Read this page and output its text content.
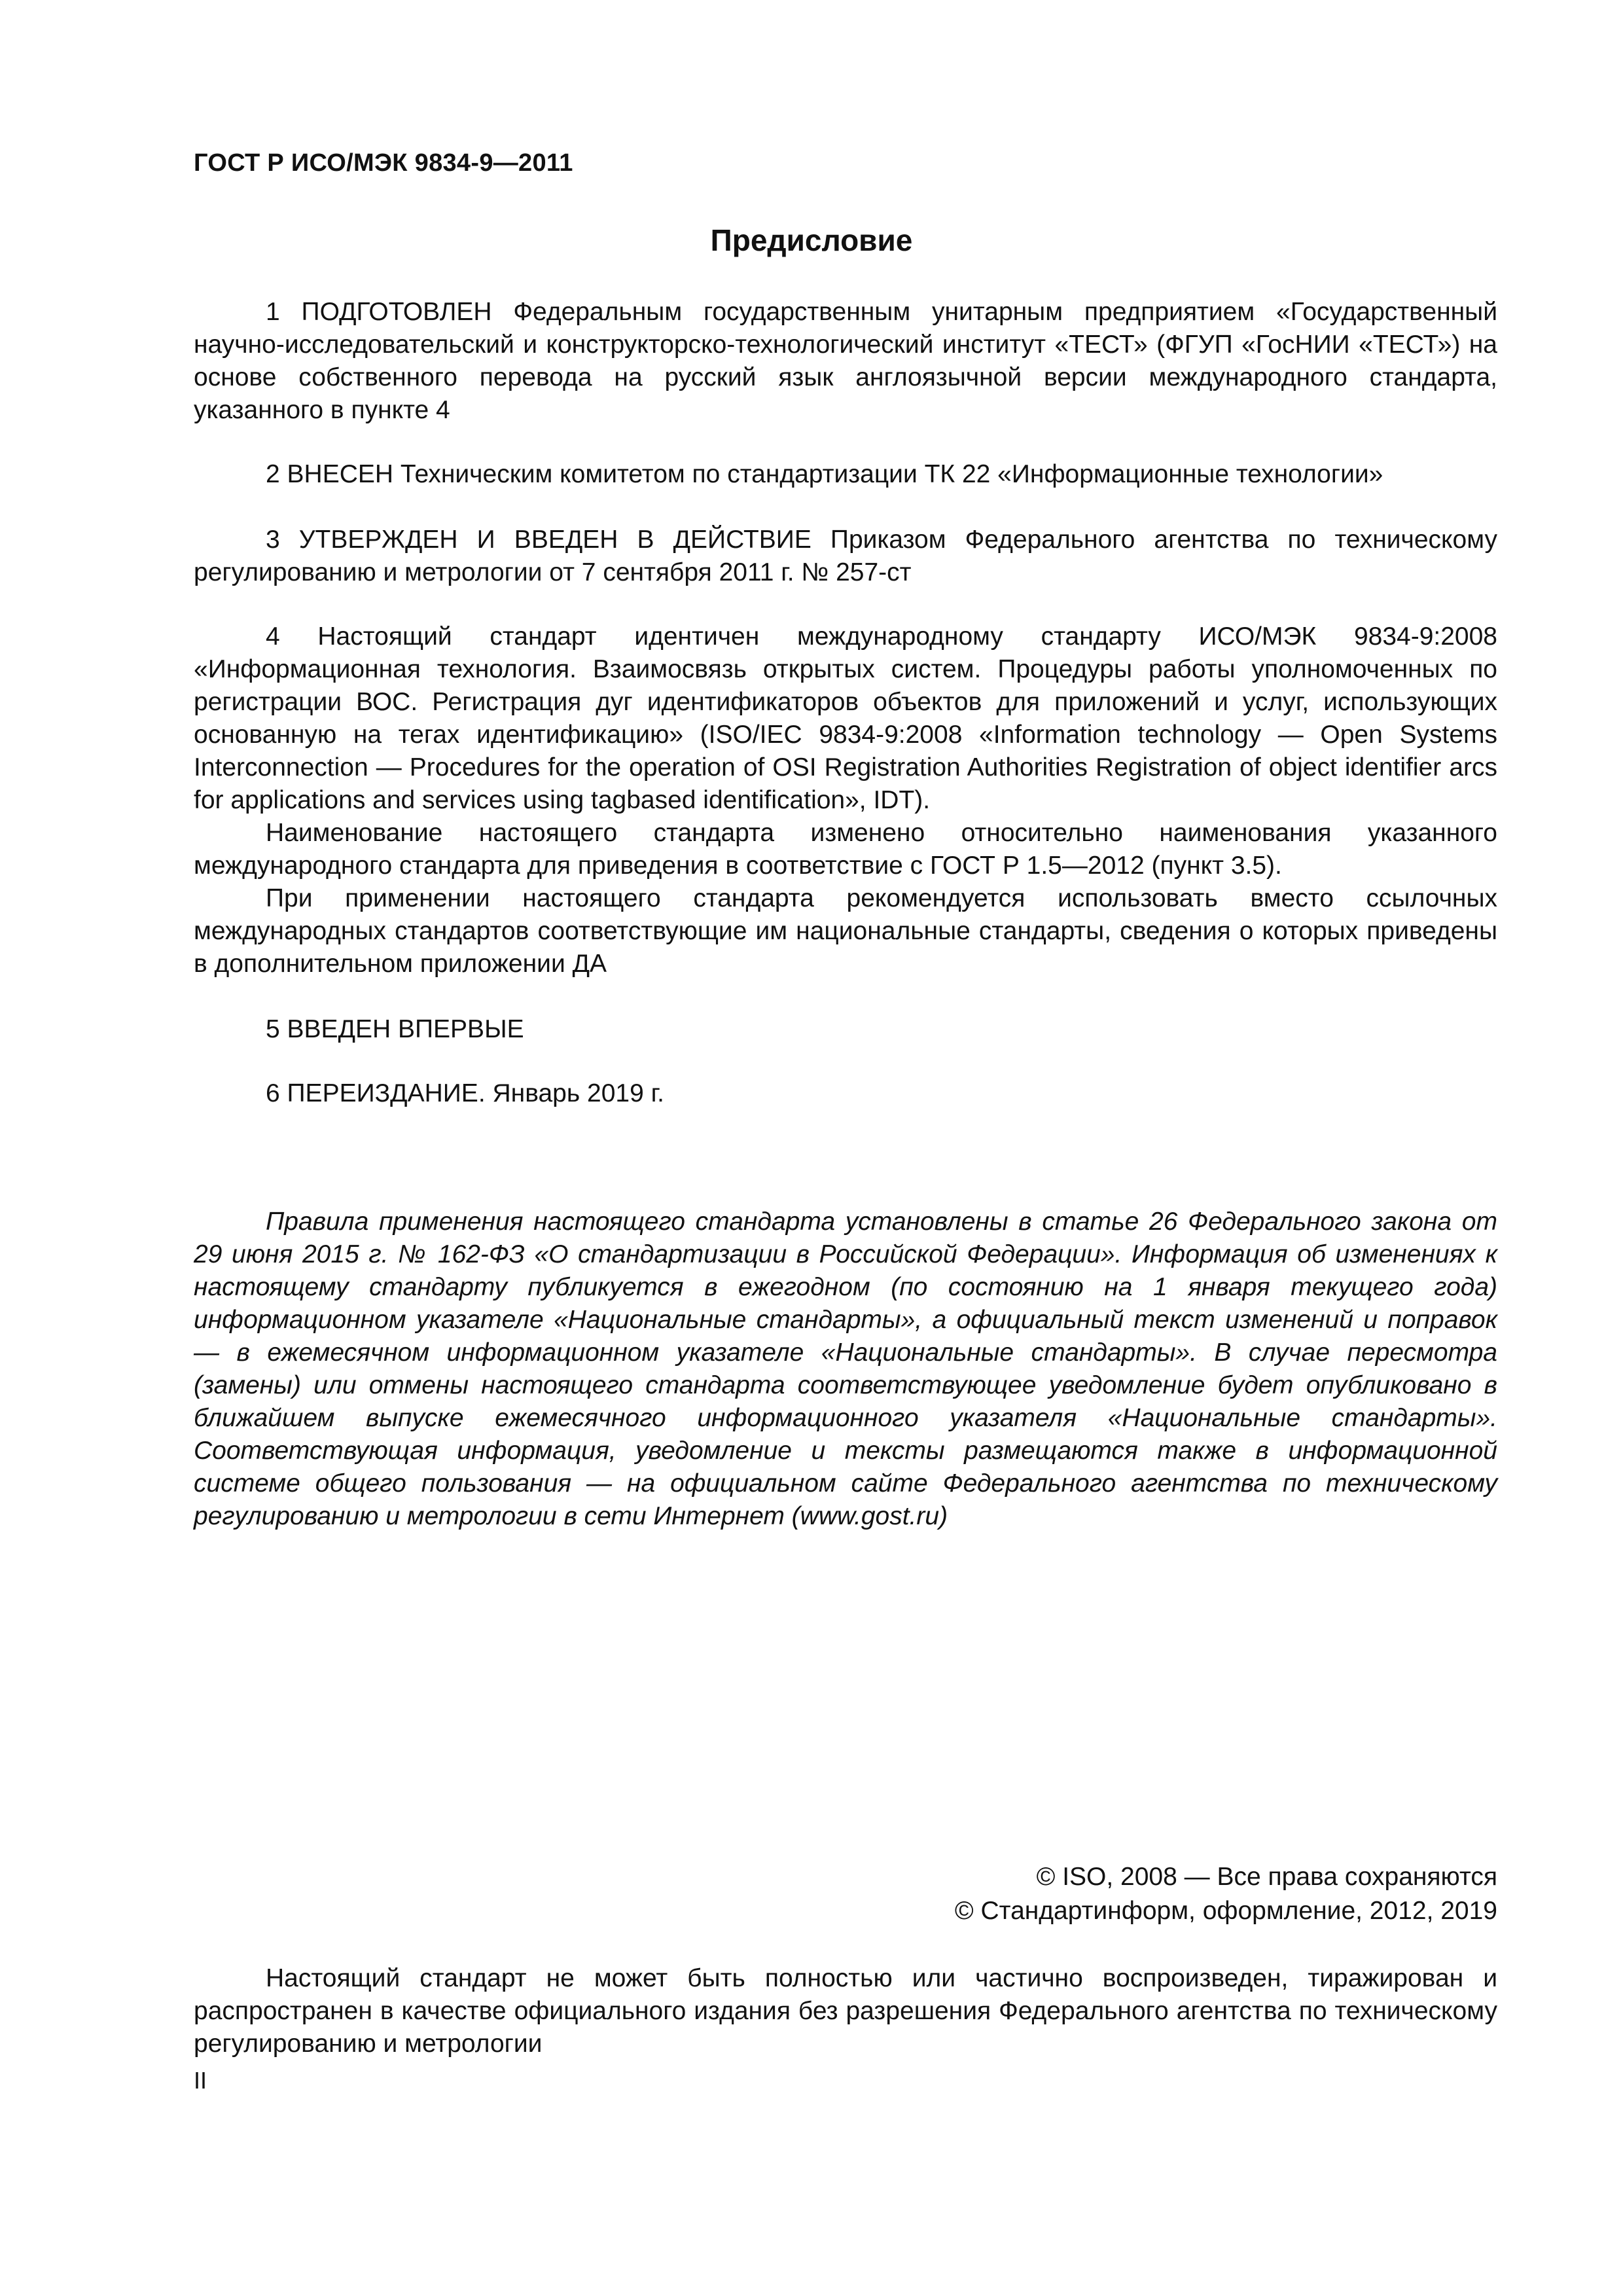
ГОСТ Р ИСО/МЭК 9834-9—2011
Предисловие

1 ПОДГОТОВЛЕН Федеральным государственным унитарным предприятием «Государственный научно-исследовательский и конструкторско-технологический институт «ТЕСТ» (ФГУП «ГосНИИ «ТЕСТ») на основе собственного перевода на русский язык англоязычной версии международного стандарта, указанного в пункте 4

2 ВНЕСЕН Техническим комитетом по стандартизации ТК 22 «Информационные технологии»

3 УТВЕРЖДЕН И ВВЕДЕН В ДЕЙСТВИЕ Приказом Федерального агентства по техническому регулированию и метрологии от 7 сентября 2011 г. № 257-ст

4 Настоящий стандарт идентичен международному стандарту ИСО/МЭК 9834-9:2008 «Информационная технология. Взаимосвязь открытых систем. Процедуры работы уполномоченных по регистрации ВОС. Регистрация дуг идентификаторов объектов для приложений и услуг, использующих основанную на тегах идентификацию» (ISO/IEC 9834-9:2008 «Information technology — Open Systems Interconnection — Procedures for the operation of OSI Registration Authorities Registration of object identifier arcs for applications and services using tagbased identification», IDT).

Наименование настоящего стандарта изменено относительно наименования указанного международного стандарта для приведения в соответствие с ГОСТ Р 1.5—2012 (пункт 3.5).

При применении настоящего стандарта рекомендуется использовать вместо ссылочных международных стандартов соответствующие им национальные стандарты, сведения о которых приведены в дополнительном приложении ДА

5 ВВЕДЕН ВПЕРВЫЕ

6 ПЕРЕИЗДАНИЕ. Январь 2019 г.

Правила применения настоящего стандарта установлены в статье 26 Федерального закона от 29 июня 2015 г. № 162-ФЗ «О стандартизации в Российской Федерации». Информация об изменениях к настоящему стандарту публикуется в ежегодном (по состоянию на 1 января текущего года) информационном указателе «Национальные стандарты», а официальный текст изменений и поправок — в ежемесячном информационном указателе «Национальные стандарты». В случае пересмотра (замены) или отмены настоящего стандарта соответствующее уведомление будет опубликовано в ближайшем выпуске ежемесячного информационного указателя «Национальные стандарты». Соответствующая информация, уведомление и тексты размещаются также в информационной системе общего пользования — на официальном сайте Федерального агентства по техническому регулированию и метрологии в сети Интернет (www.gost.ru)

© ISO, 2008 — Все права сохраняются
© Стандартинформ, оформление, 2012, 2019

Настоящий стандарт не может быть полностью или частично воспроизведен, тиражирован и распространен в качестве официального издания без разрешения Федерального агентства по техническому регулированию и метрологии

II
